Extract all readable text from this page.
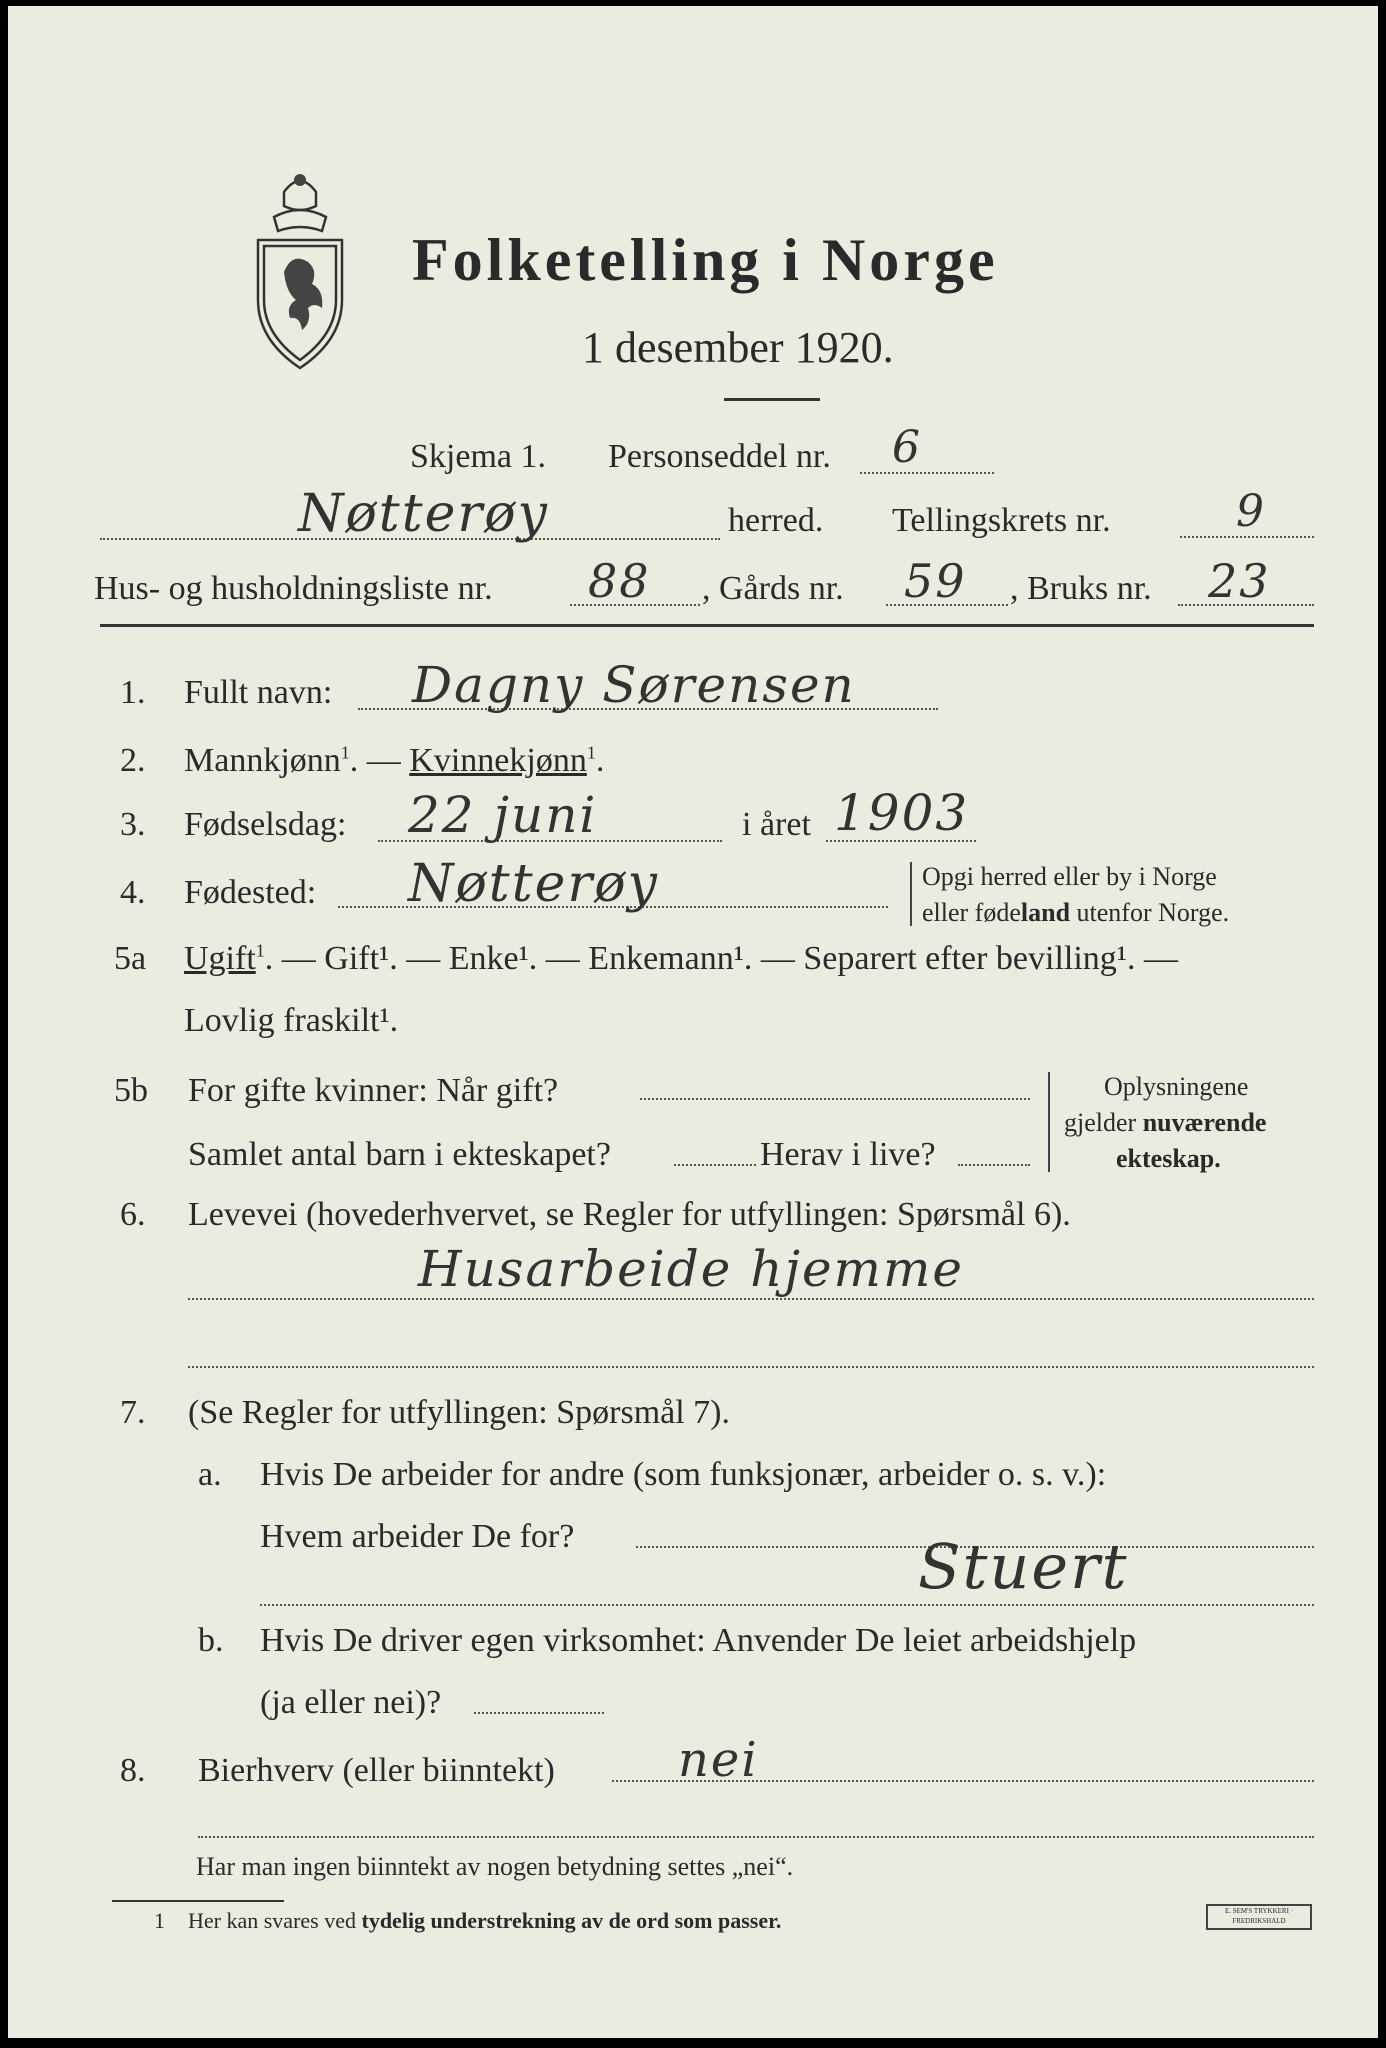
Folketelling i Norge
1 desember 1920.
Skjema 1. Personseddel nr. 6
Nøtterøy	herred. Tellingskrets nr.	9
Hus- og husholdningsliste nr. 88 , Gårds nr. 59 , Bruks nr. 23
1. Fullt navn: Dagny Sørensen
2. Mannkjønn$^1$. — Kvinnekjønn$^1$.
3. Fødselsdag: 22 juni	i året 1903
4. Fødested: Nøtterøy	Opgi herred eller by i Norge
eller fødeland utenfor Norge.
5a Ugift$^1$. — Gift¹. — Enke¹. — Enkemann¹. — Separert efter bevilling¹. —
Lovlig fraskilt¹.
5b For gifte kvinner: Når gift?
Samlet antal barn i ekteskapet?	Herav i live?
Oplysningene
gjelder nuværende
ekteskap.
6. Levevei (hovederhvervet, se Regler for utfyllingen: Spørsmål 6).
Husarbeide hjemme
7. (Se Regler for utfyllingen: Spørsmål 7).
a. Hvis De arbeider for andre (som funksjonær, arbeider o. s. v.):
Hvem arbeider De for?	Stuert
b. Hvis De driver egen virksomhet: Anvender De leiet arbeidshjelp
(ja eller nei)?
8. Bierhverv (eller biinntekt)	nei
Har man ingen biinntekt av nogen betydning settes „nei“.
1 Her kan svares ved tydelig understrekning av de ord som passer.	E. SEM'S TRYKKERI · FREDRIKSHALD
